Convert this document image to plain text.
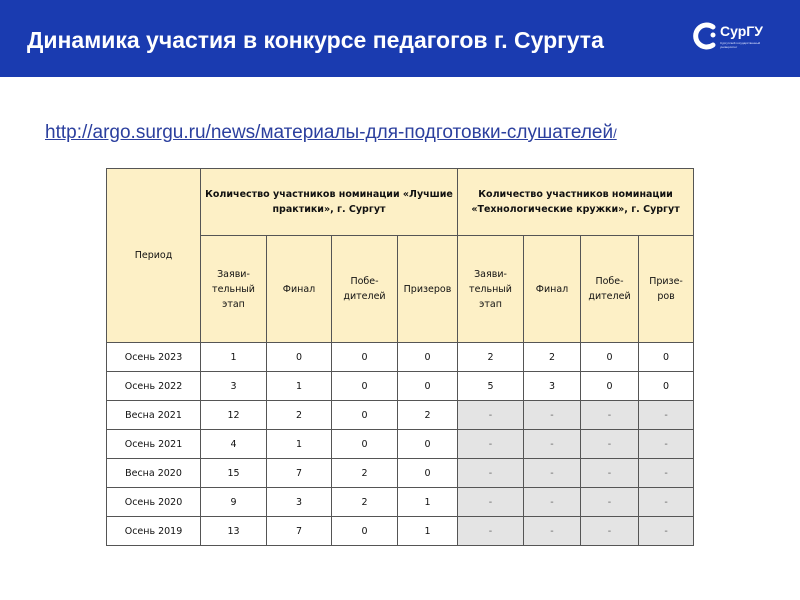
Динамика участия в конкурсе педагогов г. Сургута	СурГУ
Сургутский государственный университет
http://argo.surgu.ru/news/материалы-для-подготовки-слушателей/
Период	Количество участников номинации «Лучшие практики», г. Сургут				Количество участников номинации «Технологические кружки», г. Сургут			
	Заяви-тельный этап	Финал	Побе-дителей	Призеров	Заяви-тельный этап	Финал	Побе-дителей	Призе-ров
Осень 2023	1	0	0	0	2	2	0	0
Осень 2022	3	1	0	0	5	3	0	0
Весна 2021	12	2	0	2	-	-	-	-
Осень 2021	4	1	0	0	-	-	-	-
Весна 2020	15	7	2	0	-	-	-	-
Осень 2020	9	3	2	1	-	-	-	-
Осень 2019	13	7	0	1	-	-	-	-
